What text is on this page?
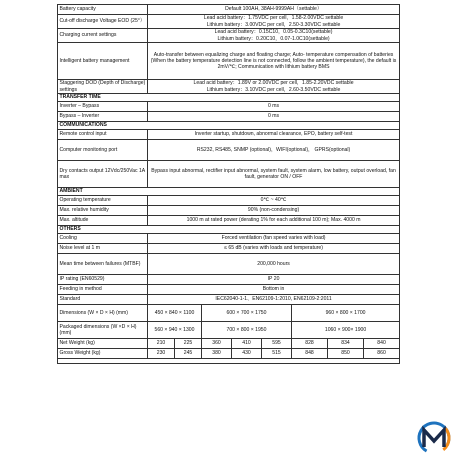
Battery capacity	Default 100AH, 38AH-9999AH（settable）							
Cut-off discharge Voltage EOD (25°）	Lead acid battery：1.75VDC per cell，1.58-2.00VDC settable
Lithium battery：3.00VDC per cell，2.50-3.30VDC settable							
Charging current settings	Lead acid battery：0.15C10，0.05-0.3C10(settable)
Lithium battery：0.20C10，0.07-1.0C10(settable)							
Intelligent battery management	Auto-transfer between equalizing charge and floating charge; Auto- temperature compensation of batteries (When the battery temperature detection line is not connected, follow the ambient temperature), the default is 2mV/℃; Communication with lithium battery BMS							
Staggering DOD (Depth of Discharge) settings	Lead acid battery：1.89V or 2.00VDC per cell，1.85-2.20VDC settable
Lithium battery：3.10VDC per cell，2.60-3.50VDC settable							
TRANSFER TIME								
Inverter – Bypass	0 ms							
Bypass – Inverter	0 ms							
COMMUNICATIONS								
Remote control input	Inverter startup, shutdown, abnormal clearance, EPO, battery self-test							
Computer monitoring port	RS232, RS485, SNMP (optional)，WIFI(optional)， GPRS(optional)							
Dry contacts output 12Vdc/250Vac 1A max	Bypass input abnormal, rectifier input abnormal, system fault, system alarm, low battery, output overload, fan fault, generator ON / OFF							
AMBIENT								
Operating temperature	0℃ ~ 40℃							
Max. relative humidity	90% (non-condensing)							
Max. altitude	1000 m at rated power (derating 1% for each additional 100 m); Max. 4000 m							
OTHERS								
Cooling	Forced ventilation (fan speed varies with load)							
Noise level at 1 m	≤ 65 dB (varies with loads and temperature)							
Mean time between failures (MTBF)	200,000 hours							
IP rating (EN60529)	IP 20							
Feeding in method	Bottom in							
Standard	IEC62040-1-1、EN62109-1:2010, EN62109-2:2011							
Dimensions (W × D × H) (mm)	450 × 840 × 1100		600 × 700 × 1750			960 × 800 × 1700		
Packaged dimensions (W ×D × H) (mm)	560 × 940 × 1300		700 × 800 × 1950			1060 × 900× 1900		
Net Weight (kg)	210	225	360	410	595	828	834	840
Gross Weight (kg)	230	245	380	430	515	848	850	860
